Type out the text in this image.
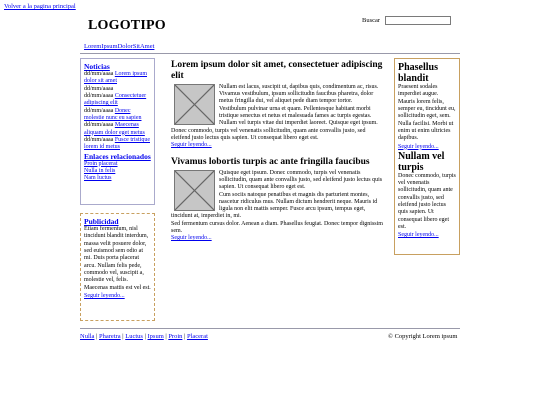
Volver a la pagina principal
LOGOTIPO	Buscar
LoremIpsumDolorSitAmet
Noticias
dd/mm/aaaa Lorem ipsum dolor sit amet
dd/mm/aaaa
dd/mm/aaaa Consectetuer adipiscing elit
dd/mm/aaaa Donec molestie nunc eu sapien
dd/mm/aaaa Maecenas aliquam dolor eget metus
dd/mm/aaaa Fusce tristique lorem id metus
Enlaces relacionados
Proin placerat
Nulla in felis
Nam luctus
Publicidad

Etiam fermentum, nisl tincidunt blandit interdum, massa velit posuere dolor, sed euismod sem odio at mi. Duis porta placerat arcu. Nullam felis pede, commodo vel, suscipit a, molestie vel, felis. Maecenas mattis est vel est.

Seguir leyendo...
Lorem ipsum dolor sit amet, consectetuer adipiscing elit

Nullam est lacus, suscipit ut, dapibus quis, condimentum ac, risus. Vivamus vestibulum, ipsum sollicitudin faucibus pharetra, dolor metus fringilla dui, vel aliquet pede diam tempor tortor.

Vestibulum pulvinar urna et quam. Pellentesque habitant morbi tristique senectus et netus et malesuada fames ac turpis egestas. Nullam vel turpis vitae dui imperdiet laoreet. Quisque eget ipsum.

Donec commodo, turpis vel venenatis sollicitudin, quam ante convallis justo, sed eleifend justo lectus quis sapien. Ut consequat libero eget est.

Seguir leyendo...
Vivamus lobortis turpis ac ante fringilla faucibus

Quisque eget ipsum. Donec commodo, turpis vel venenatis sollicitudin, quam ante convallis justo, sed eleifend justo lectus quis sapien. Ut consequat libero eget est.

Cum sociis natoque penatibus et magnis dis parturient montes, nascetur ridiculus mus. Nullam dictum hendrerit neque. Mauris id ligula non elit mattis semper. Fusce arcu ipsum, tempus eget, tincidunt at, imperdiet in, mi.

Sed fermentum cursus dolor. Aenean a diam. Phasellus feugiat. Donec tempor dignissim sem.

Seguir leyendo...
Phasellus blandit

Praesent sodales imperdiet augue. Mauris lorem felis, semper eu, tincidunt eu, sollicitudin eget, sem. Nulla facilisi. Morbi ut enim ut enim ultricies dapibus.

Seguir leyendo...
Nullam vel turpis

Donec commodo, turpis vel venenatis sollicitudin, quam ante convallis justo, sed eleifend justo lectus quis sapien. Ut consequat libero eget est.

Seguir leyendo...
Nulla | Pharetra | Luctus | Ipsum | Proin | Placerat	© Copyright Lorem ipsum
